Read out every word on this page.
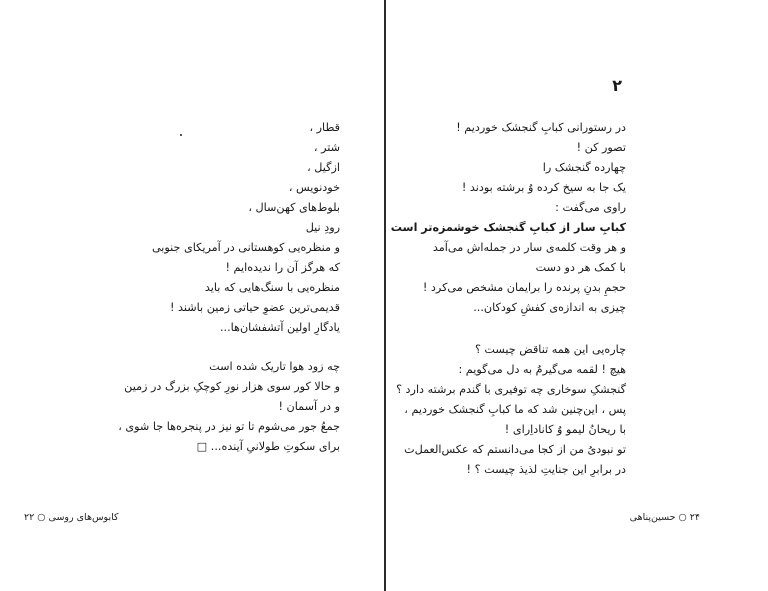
قطار ،
شتر ،
ازگیل ،
خودنویس ،
بلوط‌های کهن‌سال ،
رودِ نیل
و منظره‌یی کوهستانی در آمریکای جنوبی
که هرگز آن را ندیده‌ایم !
منظره‌یی با سنگ‌هایی که باید
قدیمی‌ترین عضوِ حیاتی زمین باشند !
یادگارِ اولین آتشفشان‌ها...
چه زود هوا تاریک شده است
و حالا کور سوی هزار نورِ کوچکِ بزرگ در زمین
و در آسمان !
جمعُ جور می‌شوم تا تو نیز در پنجره‌ها جا شوی ،
برای سکوتِ طولانیِ آینده... □
کابوس‌های روسی ○ ۲۲
۲
در رستورانی کبابِ گنجشک خوردیم !
تصور کن !
چهارده گنجشک را
یک جا به سیخ کرده وُ برشته بودند !
راوی می‌گفت :
کبابِ سار از کبابِ گنجشک خوشمزه‌تر است
و هر وقت کلمه‌ی سار در جمله‌اش می‌آمد
با کمک هر دو دست
حجمِ بدنِ پرنده را برایمان مشخص می‌کرد !
چیزی به اندازه‌ی کفشِ کودکان...
چاره‌یی این همه تناقض چیست ؟
هیچ ! لقمه می‌گیرمُ به دل می‌گویم :
گنجشکِ سوخاری چه توفیری با گندم برشته دارد ؟
پس ، این‌چنین شد که ما کبابِ گنجشک خوردیم ،
با ریحانُ لیمو وُ کاناداِرای !
تو نبودیُ من از کجا می‌دانستم که عکس‌العمل‌ت
در برابرِ این جنایتِ لذیذ چیست ؟ !
۲۴ ○ حسین‌پناهی
